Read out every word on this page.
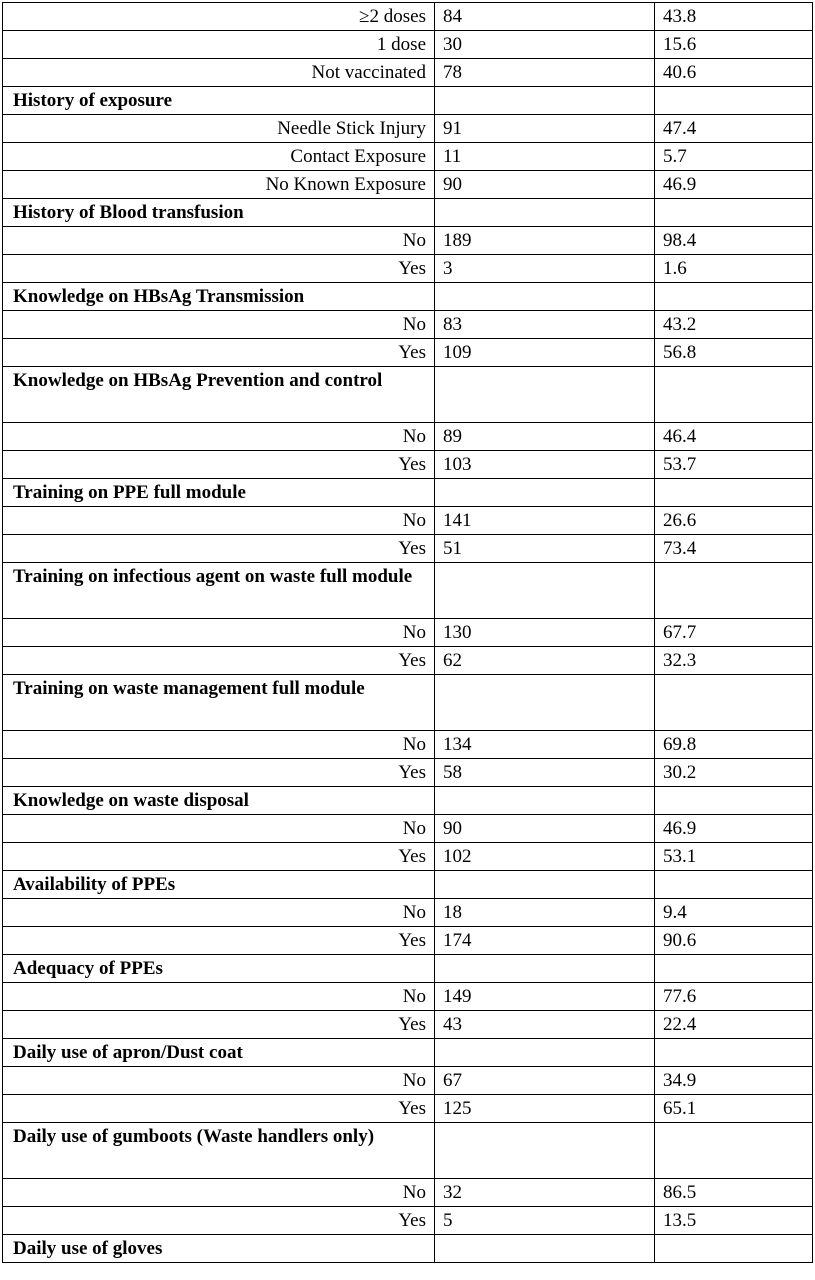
≥2 doses	84	43.8
1 dose	30	15.6
Not vaccinated	78	40.6
History of exposure		
Needle Stick Injury	91	47.4
Contact Exposure	11	5.7
No Known Exposure	90	46.9
History of Blood transfusion		
No	189	98.4
Yes	3	1.6
Knowledge on HBsAg Transmission		
No	83	43.2
Yes	109	56.8
Knowledge on HBsAg Prevention and control		
No	89	46.4
Yes	103	53.7
Training on PPE full module		
No	141	26.6
Yes	51	73.4
Training on infectious agent on waste full module		
No	130	67.7
Yes	62	32.3
Training on waste management full module		
No	134	69.8
Yes	58	30.2
Knowledge on waste disposal		
No	90	46.9
Yes	102	53.1
Availability of PPEs		
No	18	9.4
Yes	174	90.6
Adequacy of PPEs		
No	149	77.6
Yes	43	22.4
Daily use of apron/Dust coat		
No	67	34.9
Yes	125	65.1
Daily use of gumboots (Waste handlers only)		
No	32	86.5
Yes	5	13.5
Daily use of gloves		
